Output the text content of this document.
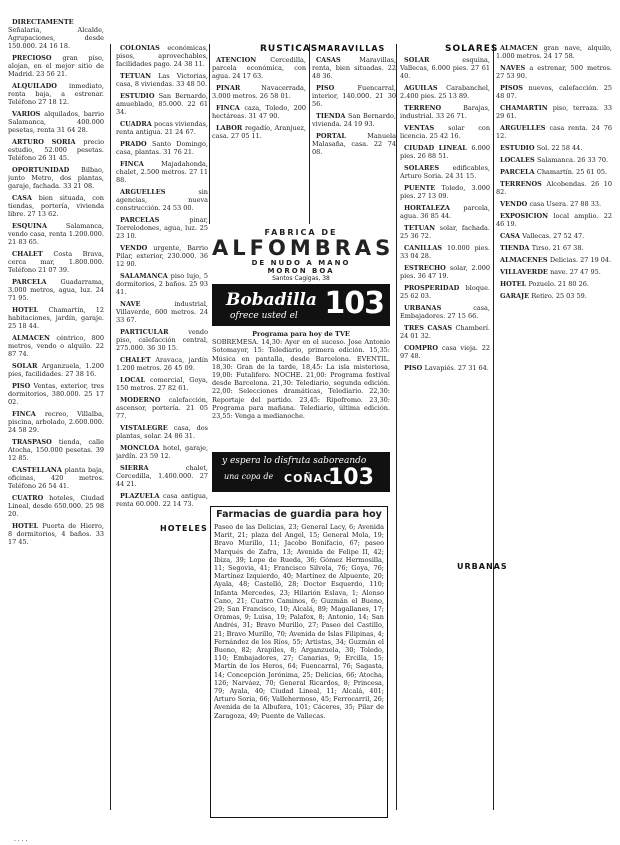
DIRECTAMENTE Señalaria, Alcalde, Agrupaciones, desde 150.000. 24 16 18.

PRECIOSO gran piso, alojan, en el mejor sitio de Madrid. 23 56 21.

ALQUILADO inmediato, renta baja, a estrenar. Teléfono 27 18 12.

VARIOS alquilados, barrio Salamanca, 400.000 pesetas, renta 31 64 28.

ARTURO SORIA precio estudio, 52.000 pesetas. Teléfono 26 31 45.

OPORTUNIDAD Bilbao, junto Metro, dos plantas, garaje, fachada. 33 21 08.

CASA bien situada, con tiendas, portería, vivienda libre. 27 13 62.

ESQUINA Salamanca, vendo casa, renta 1.200.000. 21 83 65.

CHALET Costa Brava, cerca mar, 1.800.000. Teléfono 21 07 39.

PARCELA Guadarrama, 3.000 metros, agua, luz. 24 71 95.

HOTEL Chamartín, 12 habitaciones, jardín, garaje. 25 18 44.

ALMACEN céntrico, 800 metros, vendo o alquilo. 22 87 74.

SOLAR Arganzuela, 1.200 pies, facilidades. 27 38 16.

PISO Ventas, exterior, tres dormitorios, 380.000. 25 17 02.

FINCA recreo, Villalba, piscina, arbolado, 2.600.000. 24 58 29.

TRASPASO tienda, calle Atocha, 150.000 pesetas. 39 12 85.

CASTELLANA planta baja, oficinas, 420 metros. Teléfono 26 54 41.

CUATRO hoteles, Ciudad Lineal, desde 650.000. 25 98 20.

HOTEL Puerta de Hierro, 8 dormitorios, 4 baños. 33 17 45.

COLONIAS económicas, pisos, aprovechables, facilidades pago. 24 38 11.

TETUAN Las Victorias, casa, 8 viviendas. 33 48 50.

ESTUDIO San Bernardo, amueblado, 85.000. 22 61 34.

CUADRA pocas viviendas, renta antigua. 21 24 67.

PRADO Santo Domingo, casa, plantas. 31 76 21.

FINCA Majadahonda, chalet, 2.500 metros. 27 11 88.

ARGUELLES sin agencias, nueva construcción. 24 53 00.

PARCELAS pinar, Torrelodones, agua, luz. 25 23 10.

VENDO urgente, Barrio Pilar, exterior, 230.000. 36 12 90.

SALAMANCA piso lujo, 5 dormitorios, 2 baños. 25 93 41.

NAVE industrial, Villaverde, 600 metros. 24 33 67.

PARTICULAR vendo piso, calefacción central, 275.000. 36 30 15.

CHALET Aravaca, jardín 1.200 metros. 26 45 09.

LOCAL comercial, Goya, 150 metros. 27 82 61.

MODERNO calefacción, ascensor, portería. 21 05 77.

VISTALEGRE casa, dos plantas, solar. 24 86 31.

MONCLOA hotel, garaje, jardín. 23 59 12.

SIERRA chalet, Cercedilla, 1.400.000. 27 44 21.

PLAZUELA casa antigua, renta 60.000. 22 14 73.

HOTELES
RUSTICAS MARAVILLAS

ATENCION Cercedilla, parcela económica, con agua. 24 17 63.

PINAR Navacerrada, 3.000 metros. 26 58 01.

FINCA caza, Toledo, 200 hectáreas. 31 47 90.

LABOR regadío, Aranjuez, casa. 27 05 11.

CASAS Maravillas, renta, bien situadas. 22 48 36.

PISO Fuencarral, interior, 140.000. 21 30 56.

TIENDA San Bernardo, vivienda. 24 19 93.

PORTAL Manuela Malasaña, casa. 22 74 08.

SOLARES

SOLAR esquina, Vallecas, 6.000 pies. 27 61 40.

AGUILAS Carabanchel, 2.400 pies. 25 13 89.

TERRENO Barajas, industrial. 33 26 71.

VENTAS solar con licencia. 25 42 16.

CIUDAD LINEAL 6.000 pies. 26 88 51.

SOLARES edificables, Arturo Soria. 24 31 15.

PUENTE Toledo, 3.000 pies. 27 13 09.

HORTALEZA parcela, agua. 36 85 44.

TETUAN solar, fachada. 25 36 72.

CANILLAS 10.000 pies. 33 04 28.

ESTRECHO solar, 2.000 pies. 36 47 19.

PROSPERIDAD bloque. 25 62 03.

URBANAS casa, Embajadores. 27 15 66.

TRES CASAS Chamberí. 24 01 32.

COMPRO casa vieja. 22 97 48.

PISO Lavapiés. 27 31 64.

URBANAS

ALMACEN gran nave, alquilo, 1.000 metros. 24 17 58.

NAVES a estrenar, 500 metros. 27 53 90.

PISOS nuevos, calefacción. 25 48 07.

CHAMARTIN piso, terraza. 33 29 61.

ARGUELLES casa renta. 24 76 12.

ESTUDIO Sol. 22 58 44.

LOCALES Salamanca. 26 33 70.

PARCELA Chamartín. 25 61 05.

TERRENOS Alcobendas. 26 10 82.

VENDO casa Usera. 27 88 33.

EXPOSICION local amplio. 22 46 19.

CASA Vallecas. 27 52 47.

TIENDA Tirso. 21 67 38.

ALMACENES Delicias. 27 19 04.

VILLAVERDE nave. 27 47 95.

HOTEL Pozuelo. 21 80 26.

GARAJE Retiro. 25 03 59.

FABRICA DE
ALFOMBRAS
DE NUDO A MANO
MORON BOA
Santos Cagigas, 38
Bobadilla
ofrece usted el 103
Programa para hoy de TVE
SOBREMESA. 14,30: Ayer en el suceso. Jose Antonio Sotomayor, 15: Telediario, primera edición. 15,35: Música en pantalla, desde Barcelona. EVENTIL. 18,30: Gran de la tarde, 18,45: La isla misteriosa, 19,00: Futalifero. NOCHE. 21,00: Programa festival desde Barcelona. 21,30: Telediario, segunda edición. 22,00: Selecciones dramáticas, Telediario. 22,30: Reportaje del partido. 23,45: Ripofromo. 23,30: Programa para mañana. Telediario, última edición. 23,55: Venga a medianoche.
y espera lo disfruta saboreando
una copa de COÑAC
103
Farmacias de guardia para hoy

Paseo de las Delicias, 23; General Lacy, 6; Avenida Marit, 21; plaza del Angel, 15; General Mola, 19; Bravo Murillo, 11; Jacobo Bonifacio, 67; paseo Marqués de Zafra, 13; Avenida de Felipe II, 42; Ibiza, 39; Lope de Rueda, 36; Gómez Hermosilla, 11; Segovia, 41; Francisco Silvela, 76; Goya, 76; Martínez Izquierdo, 40; Martínez de Alpuente, 20; Ayala, 48; Castelló, 28; Doctor Esquerdo, 110; Infanta Mercedes, 23; Hilarión Eslava, 1; Alonso Cano, 21; Cuatro Caminos, 6; Guzmán el Bueno, 29; San Francisco, 10; Alcalá, 89; Magallanes, 17; Oramas, 9; Luisa, 19; Palafox, 8; Antonio, 14; San Andrés, 31; Bravo Murillo, 27; Paseo del Castillo, 21; Bravo Murillo, 70; Avenida de Islas Filipinas, 4; Fernández de los Ríos, 55; Artistas, 34; Guzmán el Bueno, 82; Arapiles, 8; Arganzuela, 30; Toledo, 110; Embajadores, 27; Canarias, 9; Ercilla, 15; Martín de los Heros, 64; Fuencarral, 76; Sagasta, 14; Concepción Jerónima, 25; Delicias, 66; Atocha, 126; Narváez, 70; General Ricardos, 8; Princesa, 79; Ayala, 40; Ciudad Lineal, 11; Alcalá, 401; Arturo Soria, 66; Vallehermoso, 45; Ferrocarril, 26; Avenida de la Albufera, 101; Cáceres, 35; Pilar de Zaragoza, 49; Puente de Vallecas.

· · · ·
